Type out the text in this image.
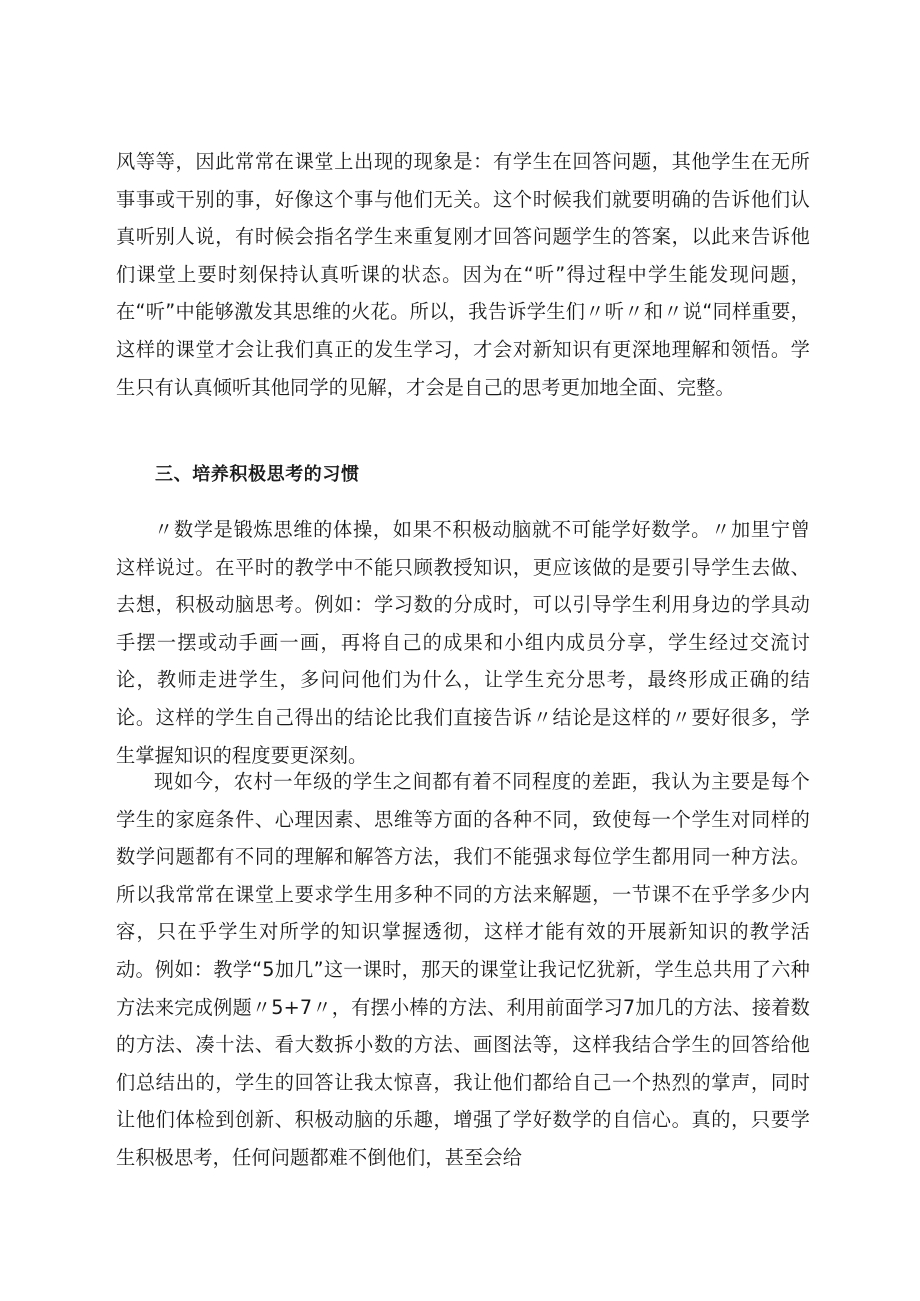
风等等，因此常常在课堂上出现的现象是：有学生在回答问题，其他学生在无所事事或干别的事，好像这个事与他们无关。这个时候我们就要明确的告诉他们认真听别人说，有时候会指名学生来重复刚才回答问题学生的答案，以此来告诉他们课堂上要时刻保持认真听课的状态。因为在“听”得过程中学生能发现问题，在“听”中能够激发其思维的火花。所以，我告诉学生们〃听〃和〃说“同样重要，这样的课堂才会让我们真正的发生学习，才会对新知识有更深地理解和领悟。学生只有认真倾听其他同学的见解，才会是自己的思考更加地全面、完整。

三、培养积极思考的习惯

〃数学是锻炼思维的体操，如果不积极动脑就不可能学好数学。〃加里宁曾这样说过。在平时的教学中不能只顾教授知识，更应该做的是要引导学生去做、去想，积极动脑思考。例如：学习数的分成时，可以引导学生利用身边的学具动手摆一摆或动手画一画，再将自己的成果和小组内成员分享，学生经过交流讨论，教师走进学生，多问问他们为什么，让学生充分思考，最终形成正确的结论。这样的学生自己得出的结论比我们直接告诉〃结论是这样的〃要好很多，学生掌握知识的程度要更深刻。

现如今，农村一年级的学生之间都有着不同程度的差距，我认为主要是每个学生的家庭条件、心理因素、思维等方面的各种不同，致使每一个学生对同样的数学问题都有不同的理解和解答方法，我们不能强求每位学生都用同一种方法。所以我常常在课堂上要求学生用多种不同的方法来解题，一节课不在乎学多少内容，只在乎学生对所学的知识掌握透彻，这样才能有效的开展新知识的教学活动。例如：教学“5加几”这一课时，那天的课堂让我记忆犹新，学生总共用了六种方法来完成例题〃5+7〃，有摆小棒的方法、利用前面学习7加几的方法、接着数的方法、凑十法、看大数拆小数的方法、画图法等，这样我结合学生的回答给他们总结出的，学生的回答让我太惊喜，我让他们都给自己一个热烈的掌声，同时让他们体检到创新、积极动脑的乐趣，增强了学好数学的自信心。真的，只要学生积极思考，任何问题都难不倒他们，甚至会给
